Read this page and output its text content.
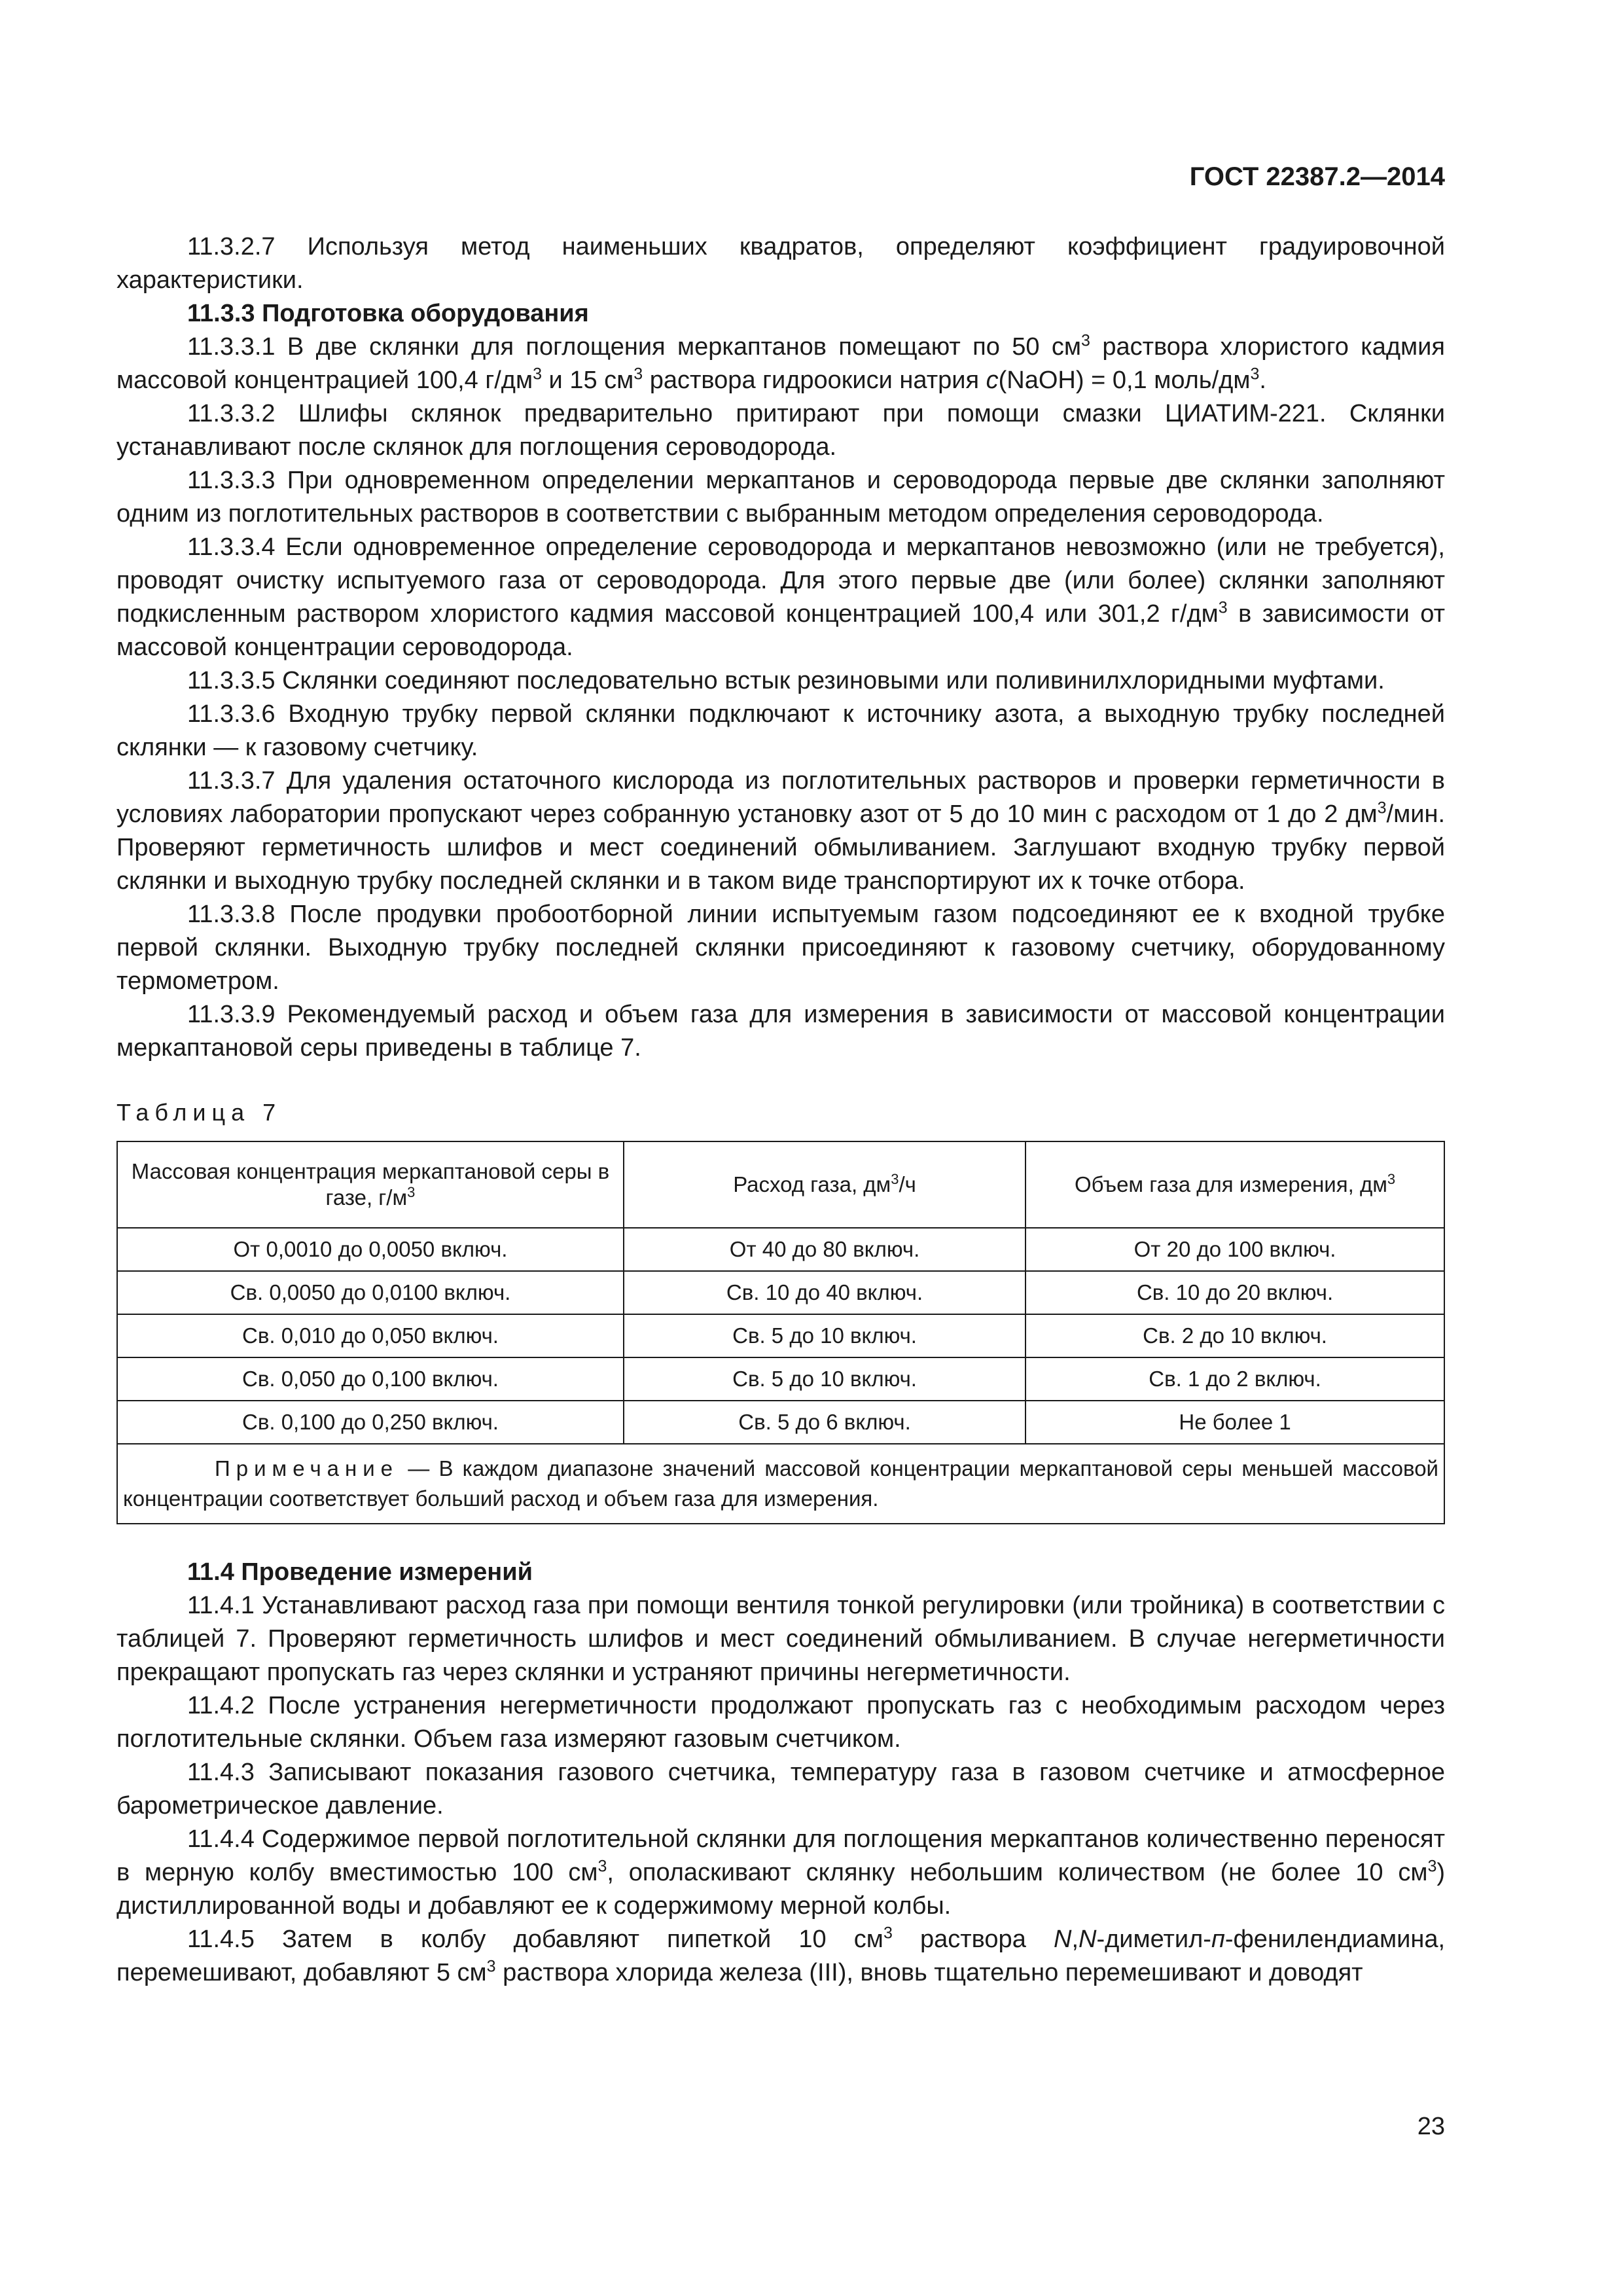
ГОСТ 22387.2—2014

11.3.2.7 Используя метод наименьших квадратов, определяют коэффициент градуировочной характеристики.

11.3.3 Подготовка оборудования

11.3.3.1 В две склянки для поглощения меркаптанов помещают по 50 $см^3$ раствора хлористого кадмия массовой концентрацией 100,4 $г/дм^3$ и 15 $см^3$ раствора гидроокиси натрия c(NaOH) = 0,1 моль/$дм^3$.

11.3.3.2 Шлифы склянок предварительно притирают при помощи смазки ЦИАТИМ-221. Склянки устанавливают после склянок для поглощения сероводорода.

11.3.3.3 При одновременном определении меркаптанов и сероводорода первые две склянки заполняют одним из поглотительных растворов в соответствии с выбранным методом определения сероводорода.

11.3.3.4 Если одновременное определение сероводорода и меркаптанов невозможно (или не требуется), проводят очистку испытуемого газа от сероводорода. Для этого первые две (или более) склянки заполняют подкисленным раствором хлористого кадмия массовой концентрацией 100,4 или 301,2 $г/дм^3$ в зависимости от массовой концентрации сероводорода.

11.3.3.5 Склянки соединяют последовательно встык резиновыми или поливинилхлоридными муфтами.

11.3.3.6 Входную трубку первой склянки подключают к источнику азота, а выходную трубку последней склянки — к газовому счетчику.

11.3.3.7 Для удаления остаточного кислорода из поглотительных растворов и проверки герметичности в условиях лаборатории пропускают через собранную установку азот от 5 до 10 мин с расходом от 1 до 2 $дм^3$/мин. Проверяют герметичность шлифов и мест соединений обмыливанием. Заглушают входную трубку первой склянки и выходную трубку последней склянки и в таком виде транспортируют их к точке отбора.

11.3.3.8 После продувки пробоотборной линии испытуемым газом подсоединяют ее к входной трубке первой склянки. Выходную трубку последней склянки присоединяют к газовому счетчику, оборудованному термометром.

11.3.3.9 Рекомендуемый расход и объем газа для измерения в зависимости от массовой концентрации меркаптановой серы приведены в таблице 7.

Таблица 7
Массовая концентрация меркаптановой серы в газе, $г/м^3$	Расход газа, $дм^3/ч$	Объем газа для измерения, $дм^3$
От 0,0010 до 0,0050 включ.	От 40 до 80 включ.	От 20 до 100 включ.
Св. 0,0050 до 0,0100 включ.	Св. 10 до 40 включ.	Св. 10 до 20 включ.
Св. 0,010 до 0,050 включ.	Св. 5 до 10 включ.	Св. 2 до 10 включ.
Св. 0,050 до 0,100 включ.	Св. 5 до 10 включ.	Св. 1 до 2 включ.
Св. 0,100 до 0,250 включ.	Св. 5 до 6 включ.	Не более 1
Примечание — В каждом диапазоне значений массовой концентрации меркаптановой серы меньшей массовой концентрации соответствует больший расход и объем газа для измерения.		

11.4 Проведение измерений

11.4.1 Устанавливают расход газа при помощи вентиля тонкой регулировки (или тройника) в соответствии с таблицей 7. Проверяют герметичность шлифов и мест соединений обмыливанием. В случае негерметичности прекращают пропускать газ через склянки и устраняют причины негерметичности.

11.4.2 После устранения негерметичности продолжают пропускать газ с необходимым расходом через поглотительные склянки. Объем газа измеряют газовым счетчиком.

11.4.3 Записывают показания газового счетчика, температуру газа в газовом счетчике и атмосферное барометрическое давление.

11.4.4 Содержимое первой поглотительной склянки для поглощения меркаптанов количественно переносят в мерную колбу вместимостью 100 $см^3$, ополаскивают склянку небольшим количеством (не более 10 $см^3$) дистиллированной воды и добавляют ее к содержимому мерной колбы.

11.4.5 Затем в колбу добавляют пипеткой 10 $см^3$ раствора N,N-диметил-п-фенилендиамина, перемешивают, добавляют 5 $см^3$ раствора хлорида железа (III), вновь тщательно перемешивают и доводят

23
